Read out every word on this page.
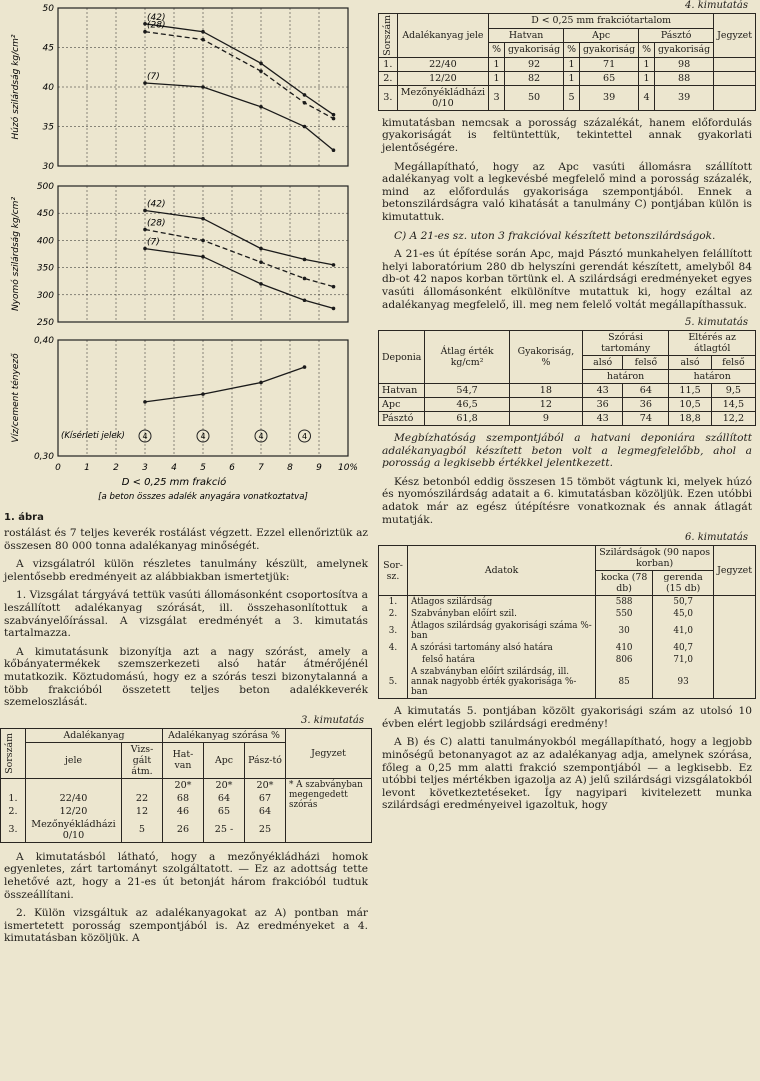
50
45
40
35
30
Húzó szilárdság kg/cm²
(42)
(28)
(7)
500
450
400
350
300
250
Nyomó szilárdság kg/cm²	(42)
(28)
(7)
0,40
0,30
Víz/cement tényező	(Kísérleti jelek) 4	4	4	4
0	1	2	3	4	5	6	7	8	9 10%
D < 0,25 mm frakció
[a beton összes adalék anyagára vonatkoztatva]
1. ábra

rostálást és 7 teljes keverék rostálást végzett. Ezzel ellenőriztük az összesen 80 000 tonna adalékanyag minőségét.

A vizsgálatról külön részletes tanulmány készült, amelynek jelentősebb eredményeit az alábbiakban ismertetjük:

1. Vizsgálat tárgyává tettük vasúti állomásonként csoportosítva a leszállított adalékanyag szórását, ill. összehasonlítottuk a szabványelőírással. A vizsgálat eredményét a 3. kimutatás tartalmazza.

A kimutatásunk bizonyítja azt a nagy szórást, amely a kőbányatermékek szemszerkezeti alsó határ átmérőjénél mutatkozik. Köztudomású, hogy ez a szórás teszi bizonytalanná a több frakcióból összetett teljes beton adalékkeverék szemeloszlását.

3. kimutatás
Sorszám	Adalékanyag		Adalékanyag szórása %			Jegyzet
	jele	Vizs-gált átm.	Hat-van	Apc	Pász-tó	
			20*	20*	20*	* A szabványban megengedett szórás
1.	22/40	22	68	64	67	
2.	12/20	12	46	65	64	
3.	Mezőnyékládházi 0/10	5	26	25 -	25	

A kimutatásból látható, hogy a mezőnyékládházi homok egyenletes, zárt tartományt szolgáltatott. — Ez az adottság tette lehetővé azt, hogy a 21-es út betonját három frakcióból tudtuk összeállítani.

2. Külön vizsgáltuk az adalékanyagokat az A) pontban már ismertetett porosság szempontjából is. Az eredményeket a 4. kimutatásban közöljük. A

4. kimutatás
Sorszám	Adalékanyag jele	D < 0,25 mm frakciótartalom						Jegyzet
		Hatvan		Apc		Pásztó		
		%	gyakoriság	%	gyakoriság	%	gyakoriság	
1.	22/40	1	92	1	71	1	98	
2.	12/20	1	82	1	65	1	88	
3.	Mezőnyékládházi 0/10	3	50	5	39	4	39	

kimutatásban nemcsak a porosság százalékát, hanem előfordulás gyakoriságát is feltüntettük, tekintettel annak gyakorlati jelentőségére.

Megállapítható, hogy az Apc vasúti állomásra szállított adalékanyag volt a legkevésbé megfelelő mind a porosság százalék, mind az előfordulás gyakorisága szempontjából. Ennek a betonszilárdságra való kihatását a tanulmány C) pontjában külön is kimutattuk.

C) A 21-es sz. uton 3 frakcióval készített betonszilárdságok.

A 21-es út építése során Apc, majd Pásztó munkahelyen felállított helyi laboratórium 280 db helyszíni gerendát készített, amelyből 84 db-ot 42 napos korban törtünk el. A szilárdsági eredményeket egyes vasúti állomásonként elkülönítve mutattuk ki, hogy ezáltal az adalékanyag megfelelő, ill. meg nem felelő voltát megállapíthassuk.

5. kimutatás
Deponia	Átlag érték kg/cm²	Gyakoriság, %	Szórási tartomány		Eltérés az átlagtól	
			alsó	felső	alsó	felső
			határon		határon	
Hatvan	54,7	18	43	64	11,5	9,5
Apc	46,5	12	36	36	10,5	14,5
Pásztó	61,8	9	43	74	18,8	12,2

Megbízhatóság szempontjából a hatvani deponiára szállított adalékanyagból készített beton volt a legmegfelelőbb, ahol a porosság a legkisebb értékkel jelentkezett.

Kész betonból eddig összesen 15 tömböt vágtunk ki, melyek húzó és nyomószilárdság adatait a 6. kimutatásban közöljük. Ezen utóbbi adatok már az egész útépítésre vonatkoznak és annak átlagát mutatják.

6. kimutatás
Sor-sz.	Adatok	Szilárdságok (90 napos korban)		Jegyzet
		kocka (78 db)	gerenda (15 db)	
1.	Átlagos szilárdság	588	50,7	
2.	Szabványban előírt szil.	550	45,0	
3.	Átlagos szilárdság gyakorisági száma %-ban	30	41,0	
4.	A szórási tartomány alsó határa	410	40,7	
	felső határa	806	71,0	
5.	A szabványban előírt szilárdság, ill. annak nagyobb érték gyakorisága %-ban	85	93	

A kimutatás 5. pontjában közölt gyakorisági szám az utolsó 10 évben elért legjobb szilárdsági eredmény!

A B) és C) alatti tanulmányokból megállapítható, hogy a legjobb minőségű betonanyagot az az adalékanyag adja, amelynek szórása, főleg a 0,25 mm alatti frakció szempontjából — a legkisebb. Ez utóbbi teljes mértékben igazolja az A) jelű szilárdsági vizsgálatokból levont következtetéseket. Így nagyipari kivitelezett munka szilárdsági eredményeivel igazoltuk, hogy
